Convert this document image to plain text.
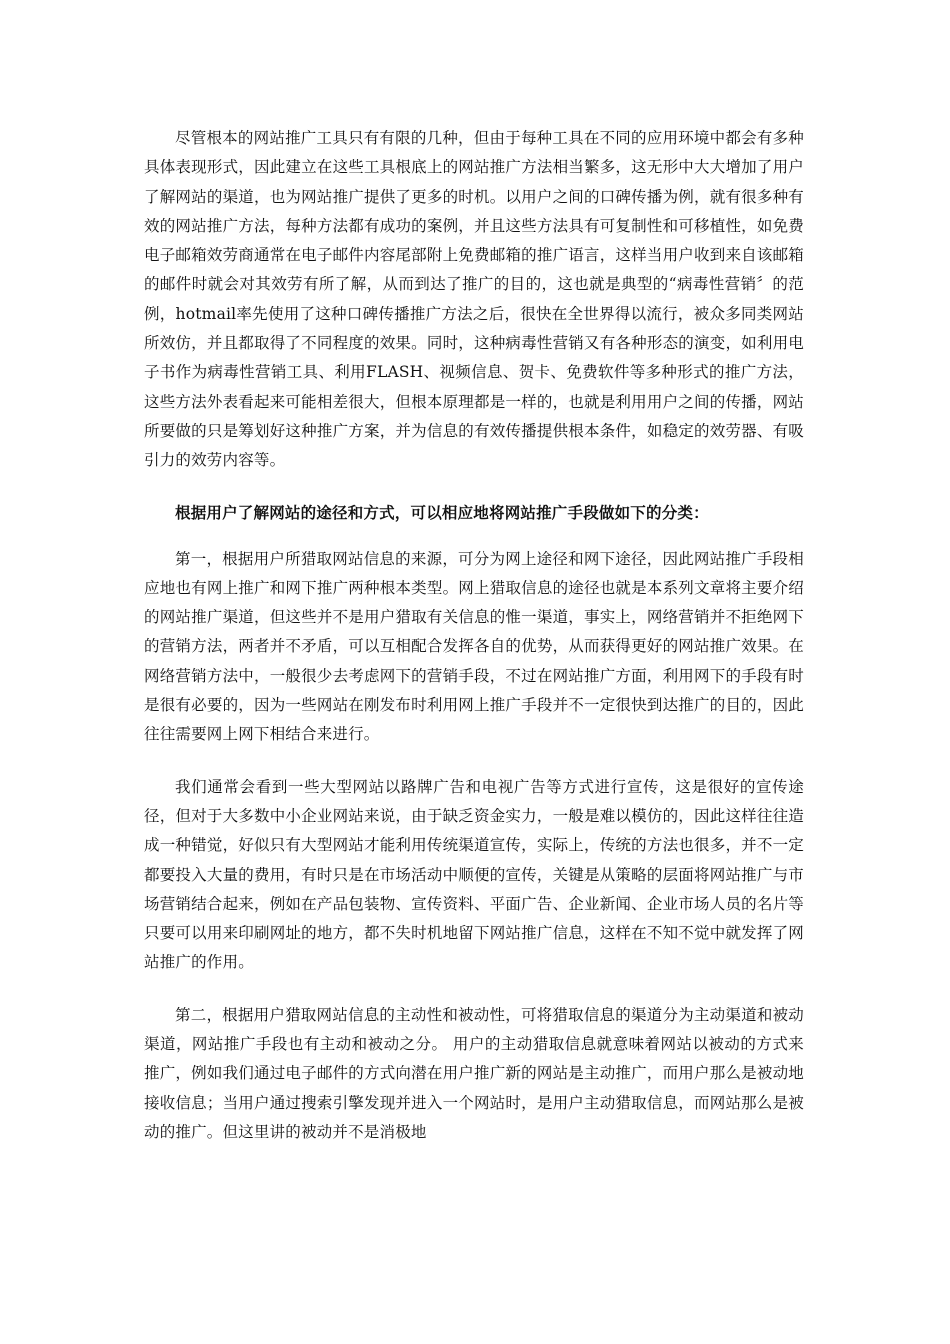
尽管根本的网站推广工具只有有限的几种，但由于每种工具在不同的应用环境中都会有多种具体表现形式，因此建立在这些工具根底上的网站推广方法相当繁多，这无形中大大增加了用户了解网站的渠道，也为网站推广提供了更多的时机。以用户之间的口碑传播为例，就有很多种有效的网站推广方法，每种方法都有成功的案例，并且这些方法具有可复制性和可移植性，如免费电子邮箱效劳商通常在电子邮件内容尾部附上免费邮箱的推广语言，这样当用户收到来自该邮箱的邮件时就会对其效劳有所了解，从而到达了推广的目的，这也就是典型的“病毒性营销〞的范例，hotmail率先使用了这种口碑传播推广方法之后，很快在全世界得以流行，被众多同类网站所效仿，并且都取得了不同程度的效果。同时，这种病毒性营销又有各种形态的演变，如利用电子书作为病毒性营销工具、利用FLASH、视频信息、贺卡、免费软件等多种形式的推广方法，这些方法外表看起来可能相差很大，但根本原理都是一样的，也就是利用用户之间的传播，网站所要做的只是筹划好这种推广方案，并为信息的有效传播提供根本条件，如稳定的效劳器、有吸引力的效劳内容等。

根据用户了解网站的途径和方式，可以相应地将网站推广手段做如下的分类：

第一，根据用户所猎取网站信息的来源，可分为网上途径和网下途径，因此网站推广手段相应地也有网上推广和网下推广两种根本类型。网上猎取信息的途径也就是本系列文章将主要介绍的网站推广渠道，但这些并不是用户猎取有关信息的惟一渠道，事实上，网络营销并不拒绝网下的营销方法，两者并不矛盾，可以互相配合发挥各自的优势，从而获得更好的网站推广效果。在网络营销方法中，一般很少去考虑网下的营销手段，不过在网站推广方面，利用网下的手段有时是很有必要的，因为一些网站在刚发布时利用网上推广手段并不一定很快到达推广的目的，因此往往需要网上网下相结合来进行。

我们通常会看到一些大型网站以路牌广告和电视广告等方式进行宣传，这是很好的宣传途径，但对于大多数中小企业网站来说，由于缺乏资金实力，一般是难以模仿的，因此这样往往造成一种错觉，好似只有大型网站才能利用传统渠道宣传，实际上，传统的方法也很多，并不一定都要投入大量的费用，有时只是在市场活动中顺便的宣传，关键是从策略的层面将网站推广与市场营销结合起来，例如在产品包装物、宣传资料、平面广告、企业新闻、企业市场人员的名片等只要可以用来印刷网址的地方，都不失时机地留下网站推广信息，这样在不知不觉中就发挥了网站推广的作用。

第二，根据用户猎取网站信息的主动性和被动性，可将猎取信息的渠道分为主动渠道和被动渠道，网站推广手段也有主动和被动之分。 用户的主动猎取信息就意味着网站以被动的方式来推广，例如我们通过电子邮件的方式向潜在用户推广新的网站是主动推广，而用户那么是被动地接收信息；当用户通过搜索引擎发现并进入一个网站时，是用户主动猎取信息，而网站那么是被动的推广。但这里讲的被动并不是消极地
